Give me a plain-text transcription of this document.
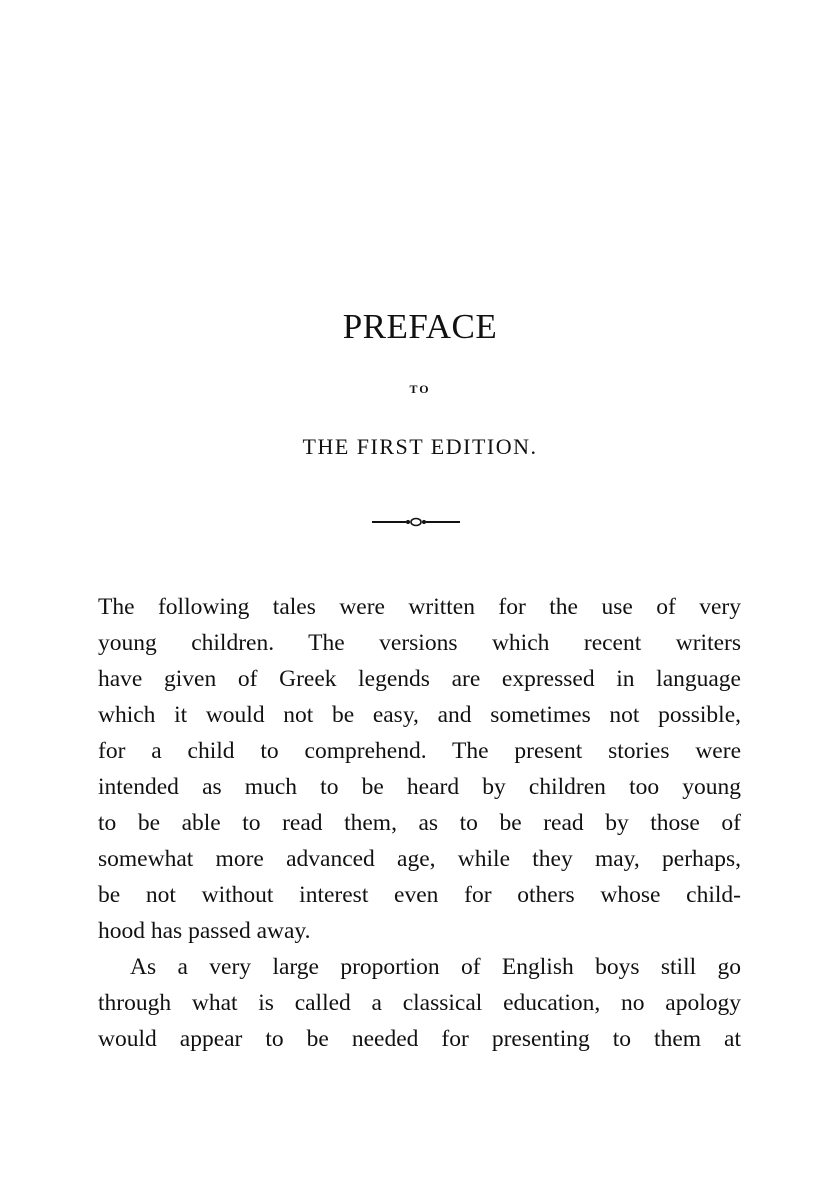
PREFACE
TO
THE FIRST EDITION.
The following tales were written for the use of very
young children. The versions which recent writers
have given of Greek legends are expressed in language
which it would not be easy, and sometimes not possible,
for a child to comprehend. The present stories were
intended as much to be heard by children too young
to be able to read them, as to be read by those of
somewhat more advanced age, while they may, perhaps,
be not without interest even for others whose child-
hood has passed away.
As a very large proportion of English boys still go
through what is called a classical education, no apology
would appear to be needed for presenting to them at
